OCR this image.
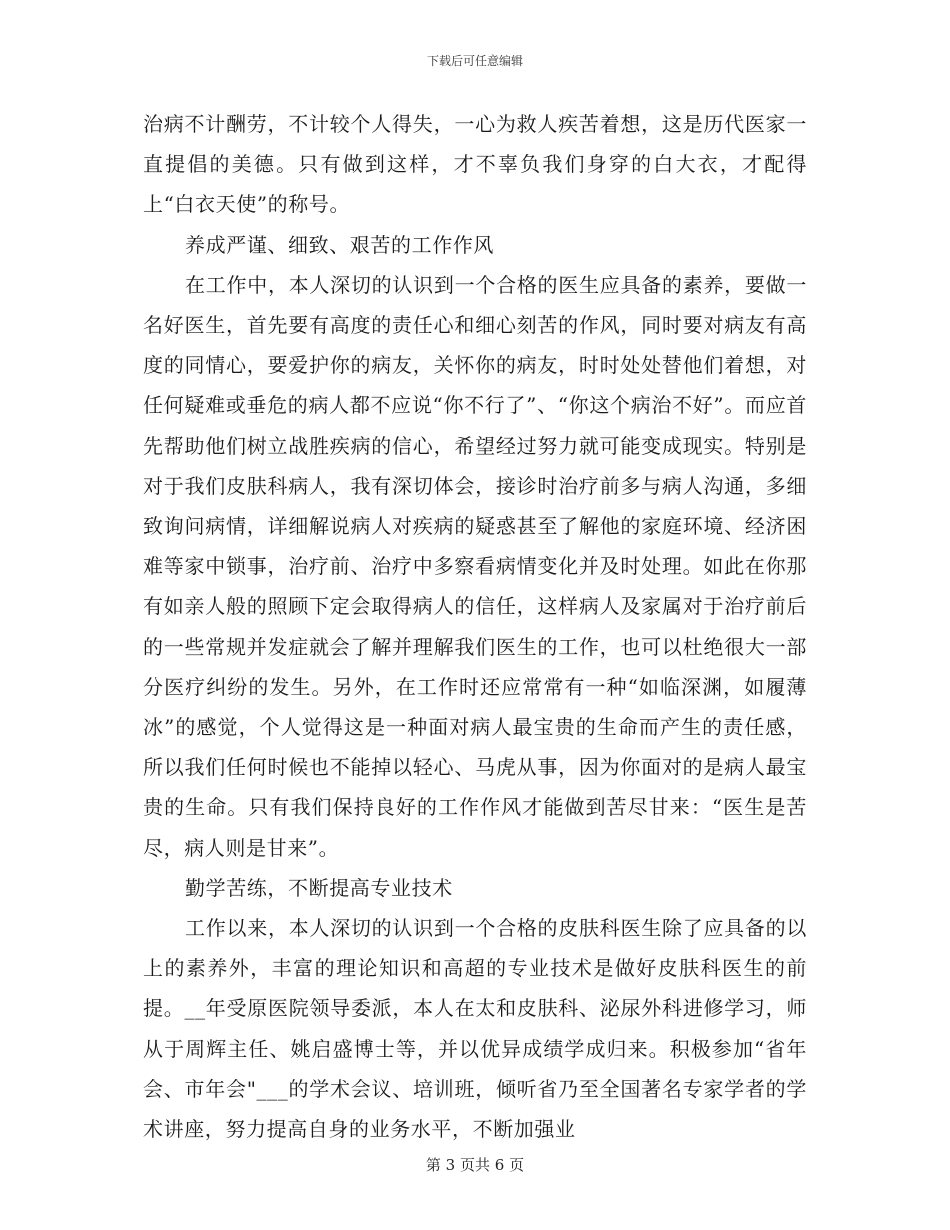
下载后可任意编辑

治病不计酬劳，不计较个人得失，一心为救人疾苦着想，这是历代医家一直提倡的美德。只有做到这样，才不辜负我们身穿的白大衣，才配得上“白衣天使”的称号。

养成严谨、细致、艰苦的工作作风

在工作中，本人深切的认识到一个合格的医生应具备的素养，要做一名好医生，首先要有高度的责任心和细心刻苦的作风，同时要对病友有高度的同情心，要爱护你的病友，关怀你的病友，时时处处替他们着想，对任何疑难或垂危的病人都不应说“你不行了”、“你这个病治不好”。而应首先帮助他们树立战胜疾病的信心，希望经过努力就可能变成现实。特别是对于我们皮肤科病人，我有深切体会，接诊时治疗前多与病人沟通，多细致询问病情，详细解说病人对疾病的疑惑甚至了解他的家庭环境、经济困难等家中锁事，治疗前、治疗中多察看病情变化并及时处理。如此在你那有如亲人般的照顾下定会取得病人的信任，这样病人及家属对于治疗前后的一些常规并发症就会了解并理解我们医生的工作，也可以杜绝很大一部分医疗纠纷的发生。另外，在工作时还应常常有一种“如临深渊，如履薄冰”的感觉，个人觉得这是一种面对病人最宝贵的生命而产生的责任感，所以我们任何时候也不能掉以轻心、马虎从事，因为你面对的是病人最宝贵的生命。只有我们保持良好的工作作风才能做到苦尽甘来：“医生是苦尽，病人则是甘来”。

勤学苦练，不断提高专业技术

工作以来，本人深切的认识到一个合格的皮肤科医生除了应具备的以上的素养外，丰富的理论知识和高超的专业技术是做好皮肤科医生的前提。__年受原医院领导委派，本人在太和皮肤科、泌尿外科进修学习，师从于周辉主任、姚启盛博士等，并以优异成绩学成归来。积极参加“省年会、市年会"___的学术会议、培训班，倾听省乃至全国著名专家学者的学术讲座，努力提高自身的业务水平，不断加强业

第 3 页共 6 页
